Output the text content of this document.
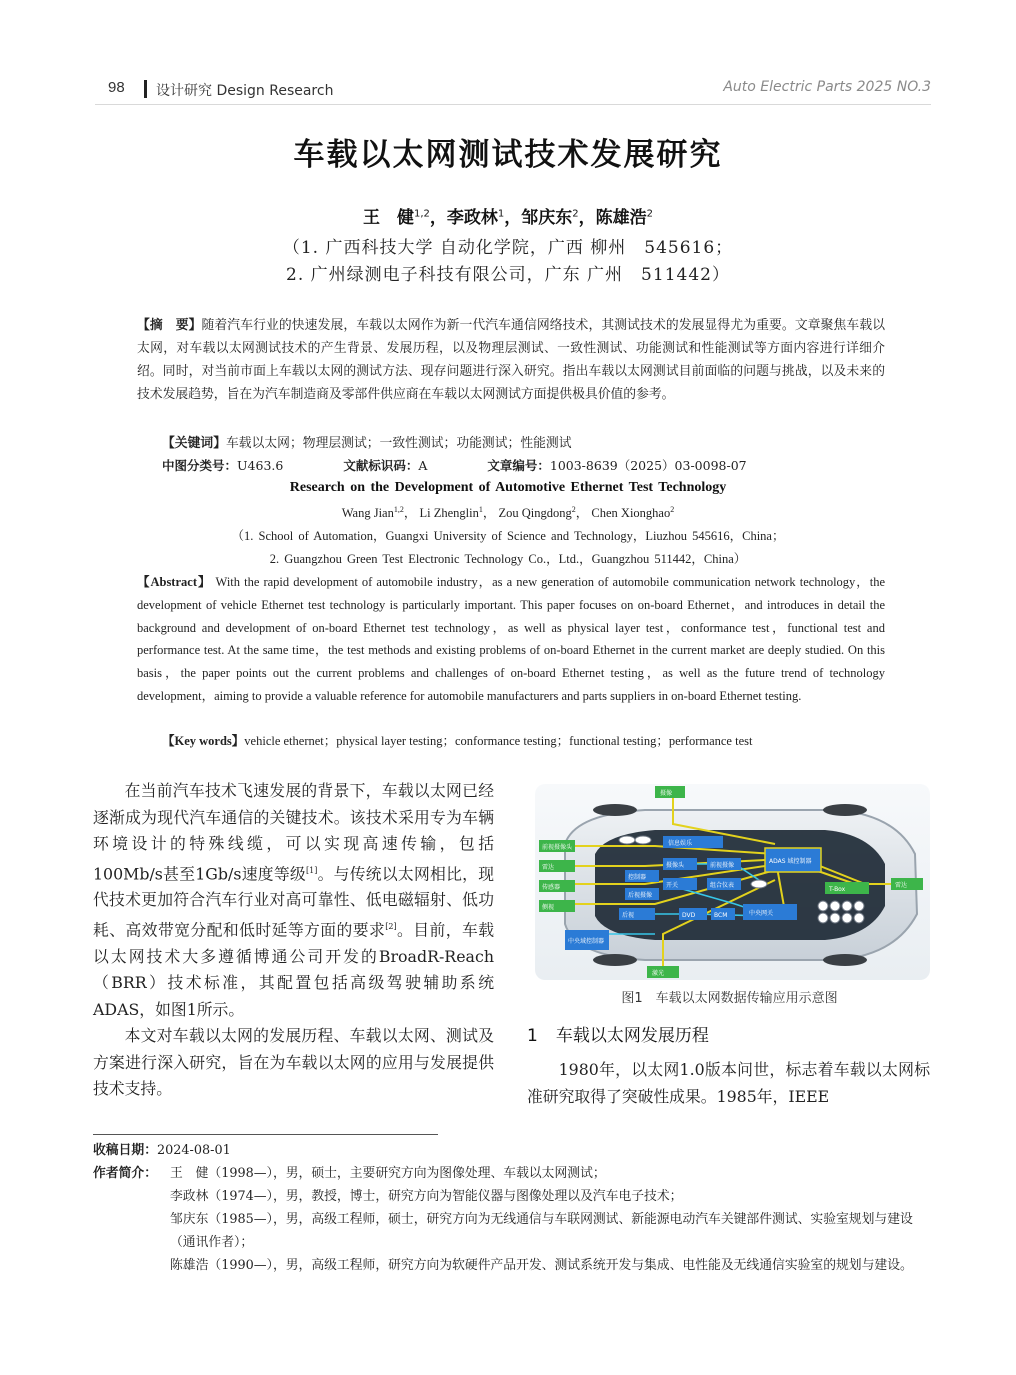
98 设计研究 Design Research	Auto Electric Parts 2025 NO.3
车载以太网测试技术发展研究
王　健$^{1,2}$，李政林$^1$，邹庆东$^2$，陈雄浩$^2$
（1. 广西科技大学 自动化学院，广西 柳州　545616；
2. 广州绿测电子科技有限公司，广东 广州　511442）
【摘　要】随着汽车行业的快速发展，车载以太网作为新一代汽车通信网络技术，其测试技术的发展显得尤为重要。文章聚焦车载以太网，对车载以太网测试技术的产生背景、发展历程，以及物理层测试、一致性测试、功能测试和性能测试等方面内容进行详细介绍。同时，对当前市面上车载以太网的测试方法、现存问题进行深入研究。指出车载以太网测试目前面临的问题与挑战，以及未来的技术发展趋势，旨在为汽车制造商及零部件供应商在车载以太网测试方面提供极具价值的参考。
【关键词】车载以太网；物理层测试；一致性测试；功能测试；性能测试
中图分类号：U463.6	文献标识码：A	文章编号：1003-8639（2025）03-0098-07
Research on the Development of Automotive Ethernet Test Technology
Wang Jian$^{1,2}$， Li Zhenglin$^1$， Zou Qingdong$^2$， Chen Xionghao$^2$
（1. School of Automation，Guangxi University of Science and Technology，Liuzhou 545616，China；
2. Guangzhou Green Test Electronic Technology Co.，Ltd.，Guangzhou 511442，China）
【Abstract】 With the rapid development of automobile industry，as a new generation of automobile communication network technology，the development of vehicle Ethernet test technology is particularly important. This paper focuses on on-board Ethernet，and introduces in detail the background and development of on-board Ethernet test technology，as well as physical layer test，conformance test，functional test and performance test. At the same time，the test methods and existing problems of on-board Ethernet in the current market are deeply studied. On this basis，the paper points out the current problems and challenges of on-board Ethernet testing，as well as the future trend of technology development，aiming to provide a valuable reference for automobile manufacturers and parts suppliers in on-board Ethernet testing.
【Key words】vehicle ethernet；physical layer testing；conformance testing；functional testing；performance test

在当前汽车技术飞速发展的背景下，车载以太网已经逐渐成为现代汽车通信的关键技术。该技术采用专为车辆环境设计的特殊线缆，可以实现高速传输，包括100Mb/s甚至1Gb/s速度等级[1]。与传统以太网相比，现代技术更加符合汽车行业对高可靠性、低电磁辐射、低功耗、高效带宽分配和低时延等方面的要求[2]。目前，车载以太网技术大多遵循博通公司开发的BroadR-Reach（BRR）技术标准，其配置包括高级驾驶辅助系统ADAS，如图1所示。

本文对车载以太网的发展历程、车载以太网、测试及方案进行深入研究，旨在为车载以太网的应用与发展提供技术支持。

摄像
前视摄像头
雷达
传感器
侧视
激光
雷达
信息娱乐
摄像头	前视摄像
控制器
开关	组合仪表
后视摄像
后视	DVD	BCM	中央网关
中央域控制器
ADAS 域控制器
T-Box
图1　车载以太网数据传输应用示意图
1 车载以太网发展历程

1980年，以太网1.0版本问世，标志着车载以太网标准研究取得了突破性成果。1985年，IEEE

收稿日期：2024-08-01
作者简介：	王　健（1998—），男，硕士，主要研究方向为图像处理、车载以太网测试；
李政林（1974—），男，教授，博士，研究方向为智能仪器与图像处理以及汽车电子技术；
邹庆东（1985—），男，高级工程师，硕士，研究方向为无线通信与车联网测试、新能源电动汽车关键部件测试、实验室规划与建设（通讯作者）；
陈雄浩（1990—），男，高级工程师，研究方向为软硬件产品开发、测试系统开发与集成、电性能及无线通信实验室的规划与建设。
